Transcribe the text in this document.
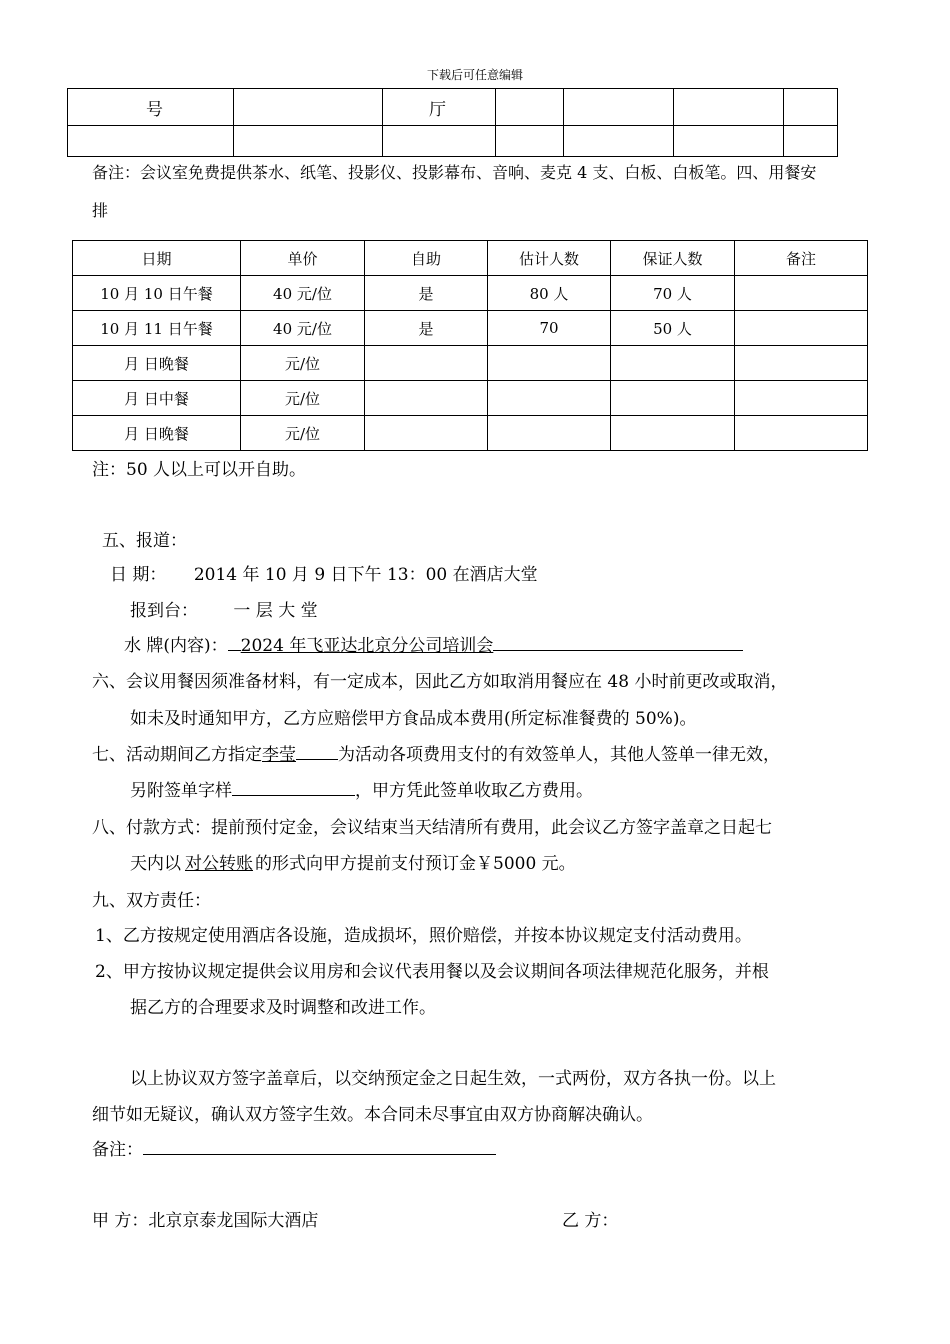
下载后可任意编辑
号		厅				

备注：会议室免费提供茶水、纸笔、投影仪、投影幕布、音响、麦克 4 支、白板、白板笔。四、用餐安
排
日期	单价	自助	估计人数	保证人数	备注
10 月 10 日午餐	40 元/位	是	80 人	70 人	
10 月 11 日午餐	40 元/位	是	70	50 人	
月 日晚餐	元/位				
月 日中餐	元/位				
月 日晚餐	元/位				
注：50 人以上可以开自助。
五、报道：
日 期： 2014 年 10 月 9 日下午 13：00 在酒店大堂
报到台： 一 层 大 堂
水 牌(内容)： 2024 年飞亚达北京分公司培训会
六、会议用餐因须准备材料，有一定成本，因此乙方如取消用餐应在 48 小时前更改或取消，
如未及时通知甲方，乙方应赔偿甲方食品成本费用(所定标准餐费的 50%)。
七、活动期间乙方指定李莹 为活动各项费用支付的有效签单人，其他人签单一律无效，
另附签单字样	，甲方凭此签单收取乙方费用。
八、付款方式：提前预付定金，会议结束当天结清所有费用，此会议乙方签字盖章之日起七
天内以 对公转账 的形式向甲方提前支付预订金￥5000 元。
九、双方责任：
1、乙方按规定使用酒店各设施，造成损坏，照价赔偿，并按本协议规定支付活动费用。
2、甲方按协议规定提供会议用房和会议代表用餐以及会议期间各项法律规范化服务，并根
据乙方的合理要求及时调整和改进工作。
以上协议双方签字盖章后，以交纳预定金之日起生效，一式两份，双方各执一份。以上
细节如无疑议，确认双方签字生效。本合同未尽事宜由双方协商解决确认。
备注：
甲 方：北京京泰龙国际大酒店	乙 方：
